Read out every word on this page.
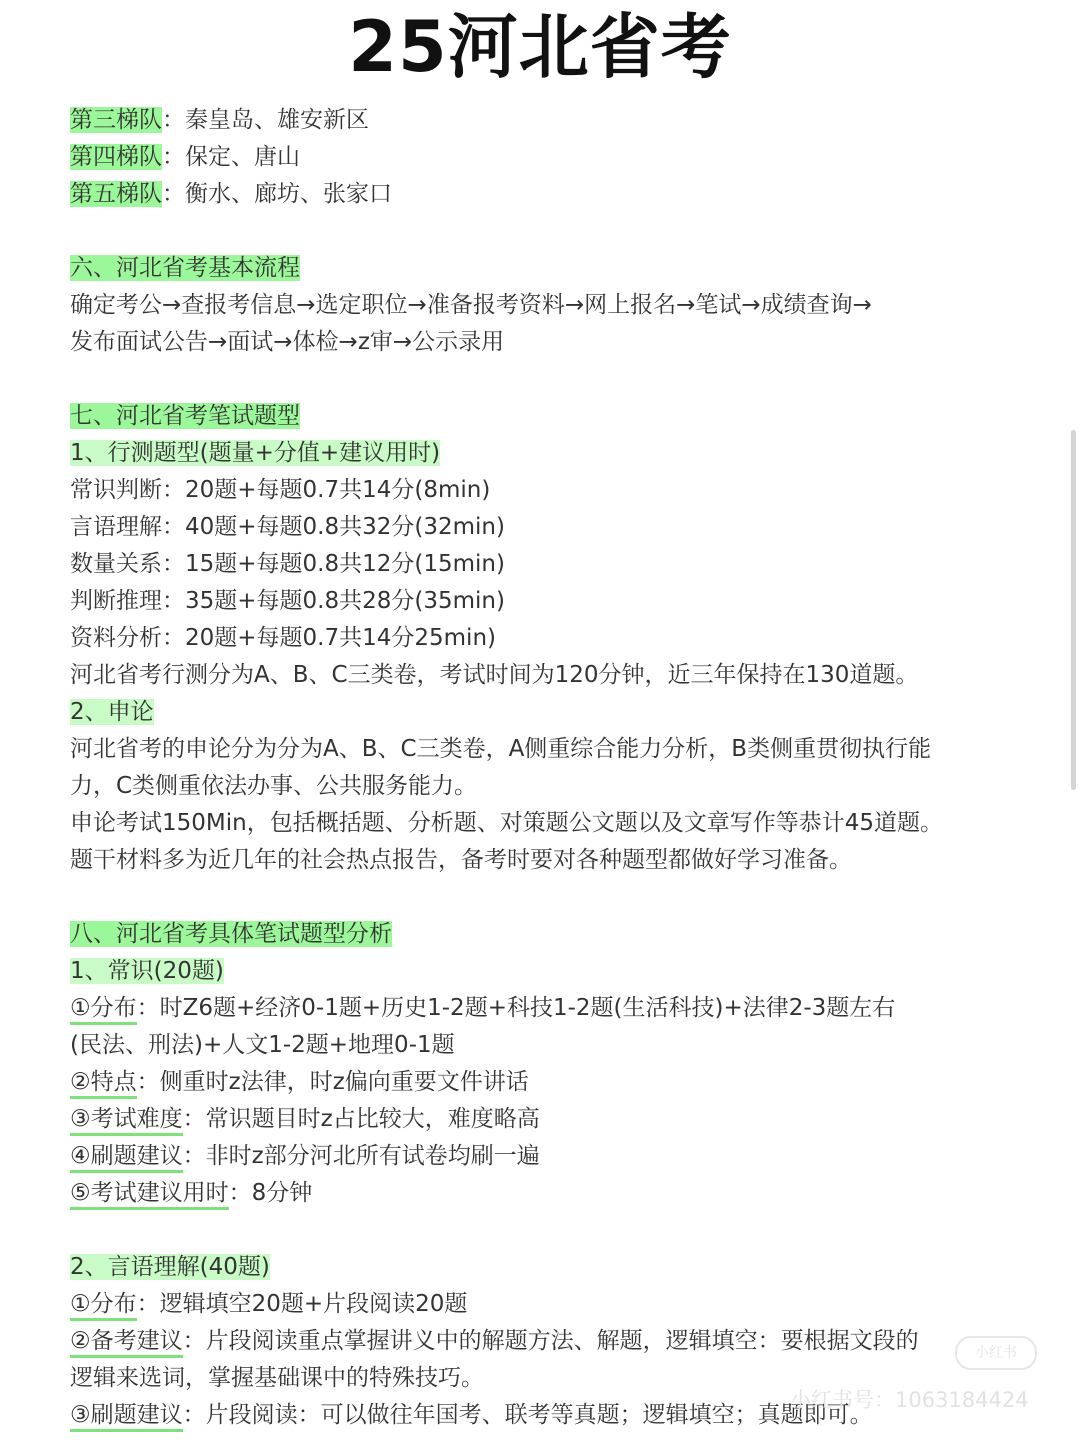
25河北省考
第三梯队：秦皇岛、雄安新区
第四梯队：保定、唐山
第五梯队：衡水、廊坊、张家口
六、河北省考基本流程
确定考公→查报考信息→选定职位→准备报考资料→网上报名→笔试→成绩查询→
发布面试公告→面试→体检→z审→公示录用
七、河北省考笔试题型
1、行测题型(题量+分值+建议用时)
常识判断：20题+每题0.7共14分(8min)
言语理解：40题+每题0.8共32分(32min)
数量关系：15题+每题0.8共12分(15min)
判断推理：35题+每题0.8共28分(35min)
资料分析：20题+每题0.7共14分25min)
河北省考行测分为A、B、C三类卷，考试时间为120分钟，近三年保持在130道题。
2、申论
河北省考的申论分为分为A、B、C三类卷，A侧重综合能力分析，B类侧重贯彻执行能
力，C类侧重依法办事、公共服务能力。
申论考试150Min，包括概括题、分析题、对策题公文题以及文章写作等恭计45道题。
题干材料多为近几年的社会热点报告，备考时要对各种题型都做好学习准备。
八、河北省考具体笔试题型分析
1、常识(20题)
①分布：时Z6题+经济0-1题+历史1-2题+科技1-2题(生活科技)+法律2-3题左右
(民法、刑法)+人文1-2题+地理0-1题
②特点：侧重时z法律，时z偏向重要文件讲话
③考试难度：常识题目时z占比较大，难度略高
④刷题建议：非时z部分河北所有试卷均刷一遍
⑤考试建议用时：8分钟
2、言语理解(40题)
①分布：逻辑填空20题+片段阅读20题
②备考建议：片段阅读重点掌握讲义中的解题方法、解题，逻辑填空：要根据文段的
逻辑来选词，掌握基础课中的特殊技巧。
③刷题建议：片段阅读：可以做往年国考、联考等真题；逻辑填空；真题即可。
小红书
小红书号：1063184424
